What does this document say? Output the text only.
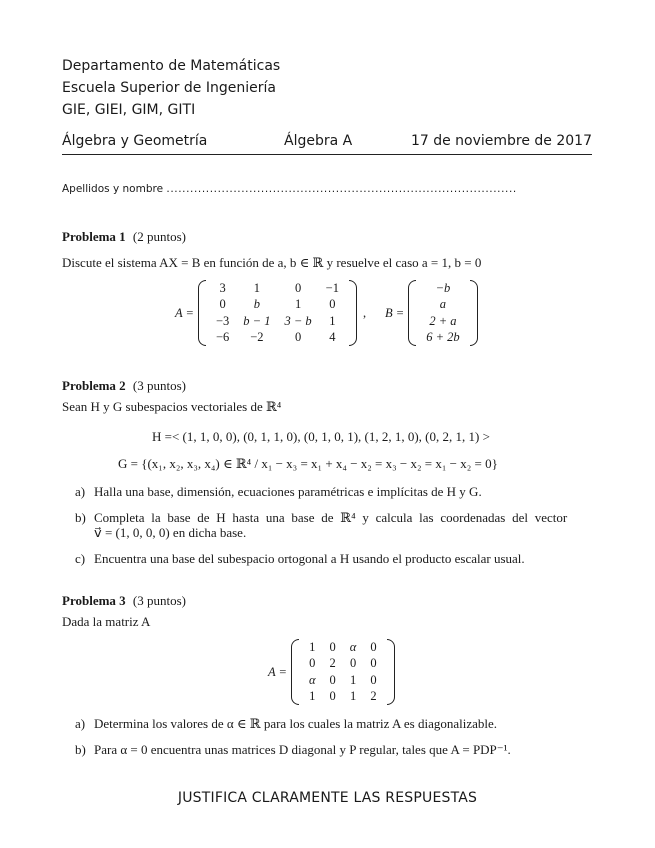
Departamento de Matemáticas
Escuela Superior de Ingenierı́a
GIE, GIEI, GIM, GITI
Álgebra y Geometría	Álgebra A	17 de noviembre de 2017
Apellidos y nombre .........................................................................................
Problema 1 (2 puntos)
Discute el sistema AX = B en función de a, b ∈ ℝ y resuelve el caso a = 1, b = 0
A =
3	1	0	−1
0	b	1	0
−3	b − 1	3 − b	1
−6	−2	0	4
, B =
−b
a
2 + a
6 + 2b
Problema 2 (3 puntos)
Sean H y G subespacios vectoriales de ℝ⁴
H =< (1, 1, 0, 0), (0, 1, 1, 0), (0, 1, 0, 1), (1, 2, 1, 0), (0, 2, 1, 1) >
G = {(x₁, x₂, x₃, x₄) ∈ ℝ⁴ / x₁ − x₃ = x₁ + x₄ − x₂ = x₃ − x₂ = x₁ − x₂ = 0}
a) Halla una base, dimensión, ecuaciones paramétricas e implícitas de H y G.
b) Completa la base de H hasta una base de ℝ⁴ y calcula las coordenadas del vector
v⃗ = (1, 0, 0, 0) en dicha base.
c) Encuentra una base del subespacio ortogonal a H usando el producto escalar usual.
Problema 3 (3 puntos)
Dada la matriz A
A =
1	0	α	0
0	2	0	0
α	0	1	0
1	0	1	2
a) Determina los valores de α ∈ ℝ para los cuales la matriz A es diagonalizable.
b) Para α = 0 encuentra unas matrices D diagonal y P regular, tales que A = PDP⁻¹.
JUSTIFICA CLARAMENTE LAS RESPUESTAS
